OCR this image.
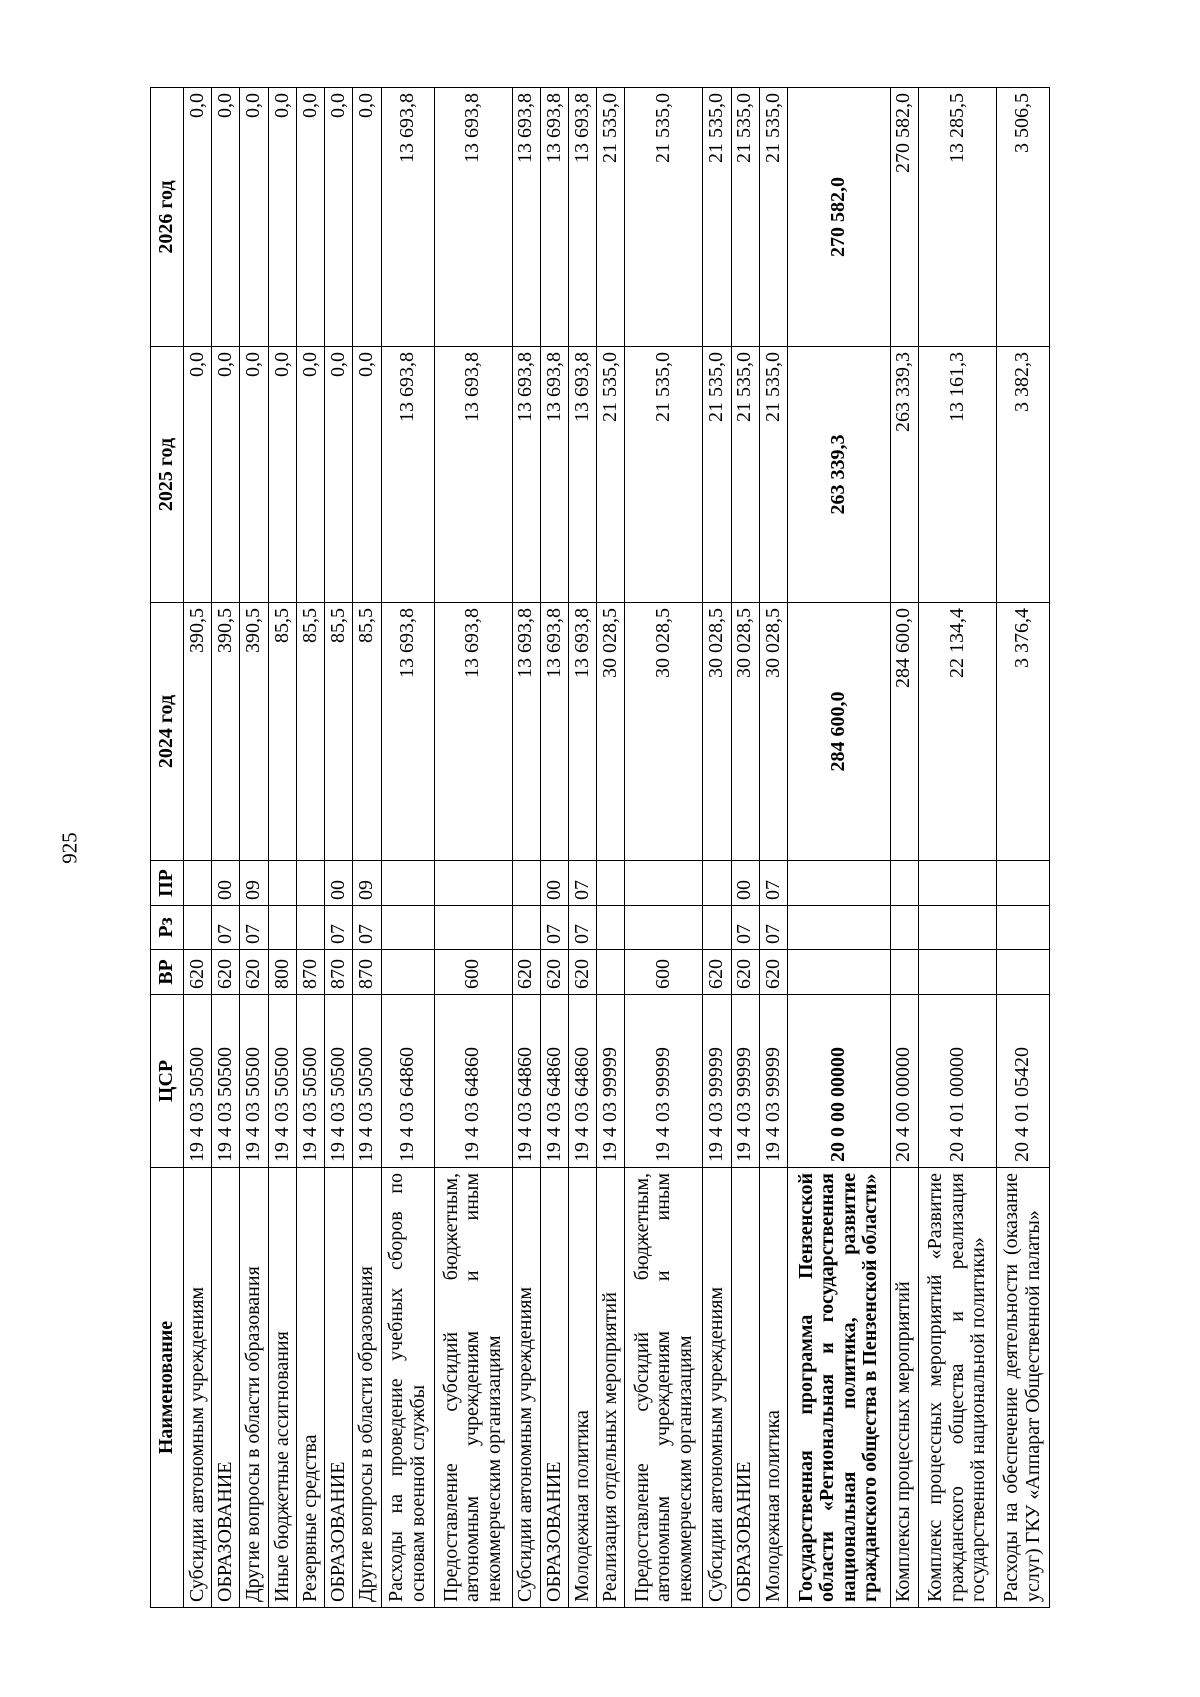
925
Наименование	ЦСР	ВР	Рз	ПР	2024 год	2025 год	2026 год
Субсидии автономным учреждениям	19 4 03 50500	620			390,5	0,0	0,0
ОБРАЗОВАНИЕ	19 4 03 50500	620	07	00	390,5	0,0	0,0
Другие вопросы в области образования	19 4 03 50500	620	07	09	390,5	0,0	0,0
Иные бюджетные ассигнования	19 4 03 50500	800			85,5	0,0	0,0
Резервные средства	19 4 03 50500	870			85,5	0,0	0,0
ОБРАЗОВАНИЕ	19 4 03 50500	870	07	00	85,5	0,0	0,0
Другие вопросы в области образования	19 4 03 50500	870	07	09	85,5	0,0	0,0
Расходы на проведение учебных сборов по основам военной службы	19 4 03 64860				13 693,8	13 693,8	13 693,8
Предоставление субсидий бюджетным, автономным учреждениям и иным некоммерческим организациям	19 4 03 64860	600			13 693,8	13 693,8	13 693,8
Субсидии автономным учреждениям	19 4 03 64860	620			13 693,8	13 693,8	13 693,8
ОБРАЗОВАНИЕ	19 4 03 64860	620	07	00	13 693,8	13 693,8	13 693,8
Молодежная политика	19 4 03 64860	620	07	07	13 693,8	13 693,8	13 693,8
Реализация отдельных мероприятий	19 4 03 99999				30 028,5	21 535,0	21 535,0
Предоставление субсидий бюджетным, автономным учреждениям и иным некоммерческим организациям	19 4 03 99999	600			30 028,5	21 535,0	21 535,0
Субсидии автономным учреждениям	19 4 03 99999	620			30 028,5	21 535,0	21 535,0
ОБРАЗОВАНИЕ	19 4 03 99999	620	07	00	30 028,5	21 535,0	21 535,0
Молодежная политика	19 4 03 99999	620	07	07	30 028,5	21 535,0	21 535,0
Государственная программа Пензенской области «Региональная и государственная национальная политика, развитие гражданского общества в Пензенской области»	20 0 00 00000				284 600,0	263 339,3	270 582,0
Комплексы процессных мероприятий	20 4 00 00000				284 600,0	263 339,3	270 582,0
Комплекс процессных мероприятий «Развитие гражданского общества и реализация государственной национальной политики»	20 4 01 00000				22 134,4	13 161,3	13 285,5
Расходы на обеспечение деятельности (оказание услуг) ГКУ «Аппарат Общественной палаты»	20 4 01 05420				3 376,4	3 382,3	3 506,5
